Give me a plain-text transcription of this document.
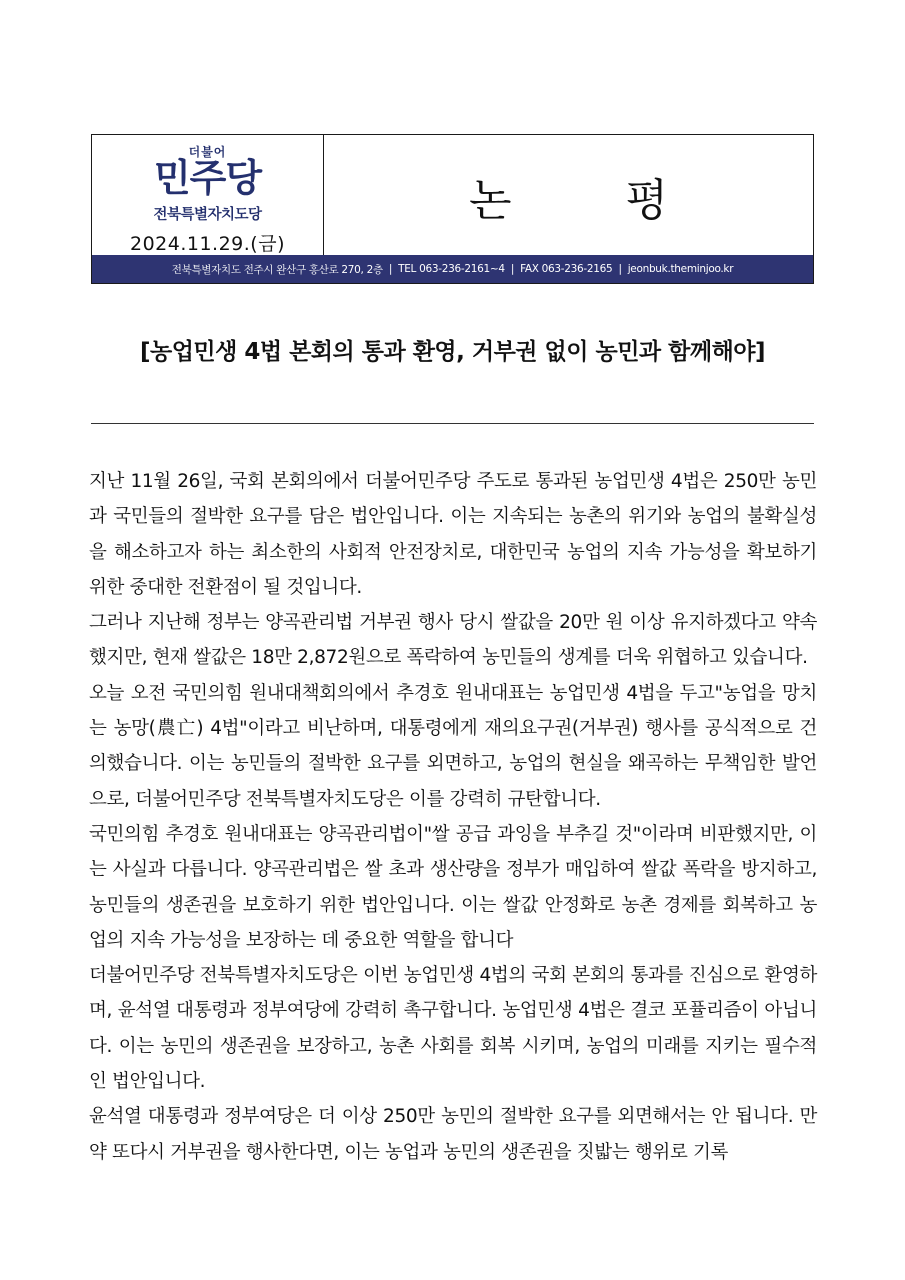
더불어
민주당
전북특별자치도당
2024.11.29.(금)
논 평
전북특별자치도 전주시 완산구 홍산로 270, 2층 | TEL 063-236-2161~4 | FAX 063-236-2165 | jeonbuk.theminjoo.kr
[농업민생 4법 본회의 통과 환영, 거부권 없이 농민과 함께해야]

지난 11월 26일, 국회 본회의에서 더불어민주당 주도로 통과된 농업민생 4법은 250만 농민과 국민들의 절박한 요구를 담은 법안입니다. 이는 지속되는 농촌의 위기와 농업의 불확실성을 해소하고자 하는 최소한의 사회적 안전장치로, 대한민국 농업의 지속 가능성을 확보하기 위한 중대한 전환점이 될 것입니다.

그러나 지난해 정부는 양곡관리법 거부권 행사 당시 쌀값을 20만 원 이상 유지하겠다고 약속했지만, 현재 쌀값은 18만 2,872원으로 폭락하여 농민들의 생계를 더욱 위협하고 있습니다.

오늘 오전 국민의힘 원내대책회의에서 추경호 원내대표는 농업민생 4법을 두고"농업을 망치는 농망(農亡) 4법"이라고 비난하며, 대통령에게 재의요구권(거부권) 행사를 공식적으로 건의했습니다. 이는 농민들의 절박한 요구를 외면하고, 농업의 현실을 왜곡하는 무책임한 발언으로, 더불어민주당 전북특별자치도당은 이를 강력히 규탄합니다.

국민의힘 추경호 원내대표는 양곡관리법이"쌀 공급 과잉을 부추길 것"이라며 비판했지만, 이는 사실과 다릅니다. 양곡관리법은 쌀 초과 생산량을 정부가 매입하여 쌀값 폭락을 방지하고, 농민들의 생존권을 보호하기 위한 법안입니다. 이는 쌀값 안정화로 농촌 경제를 회복하고 농업의 지속 가능성을 보장하는 데 중요한 역할을 합니다

더불어민주당 전북특별자치도당은 이번 농업민생 4법의 국회 본회의 통과를 진심으로 환영하며, 윤석열 대통령과 정부여당에 강력히 촉구합니다. 농업민생 4법은 결코 포퓰리즘이 아닙니다. 이는 농민의 생존권을 보장하고, 농촌 사회를 회복 시키며, 농업의 미래를 지키는 필수적인 법안입니다.

윤석열 대통령과 정부여당은 더 이상 250만 농민의 절박한 요구를 외면해서는 안 됩니다. 만약 또다시 거부권을 행사한다면, 이는 농업과 농민의 생존권을 짓밟는 행위로 기록
